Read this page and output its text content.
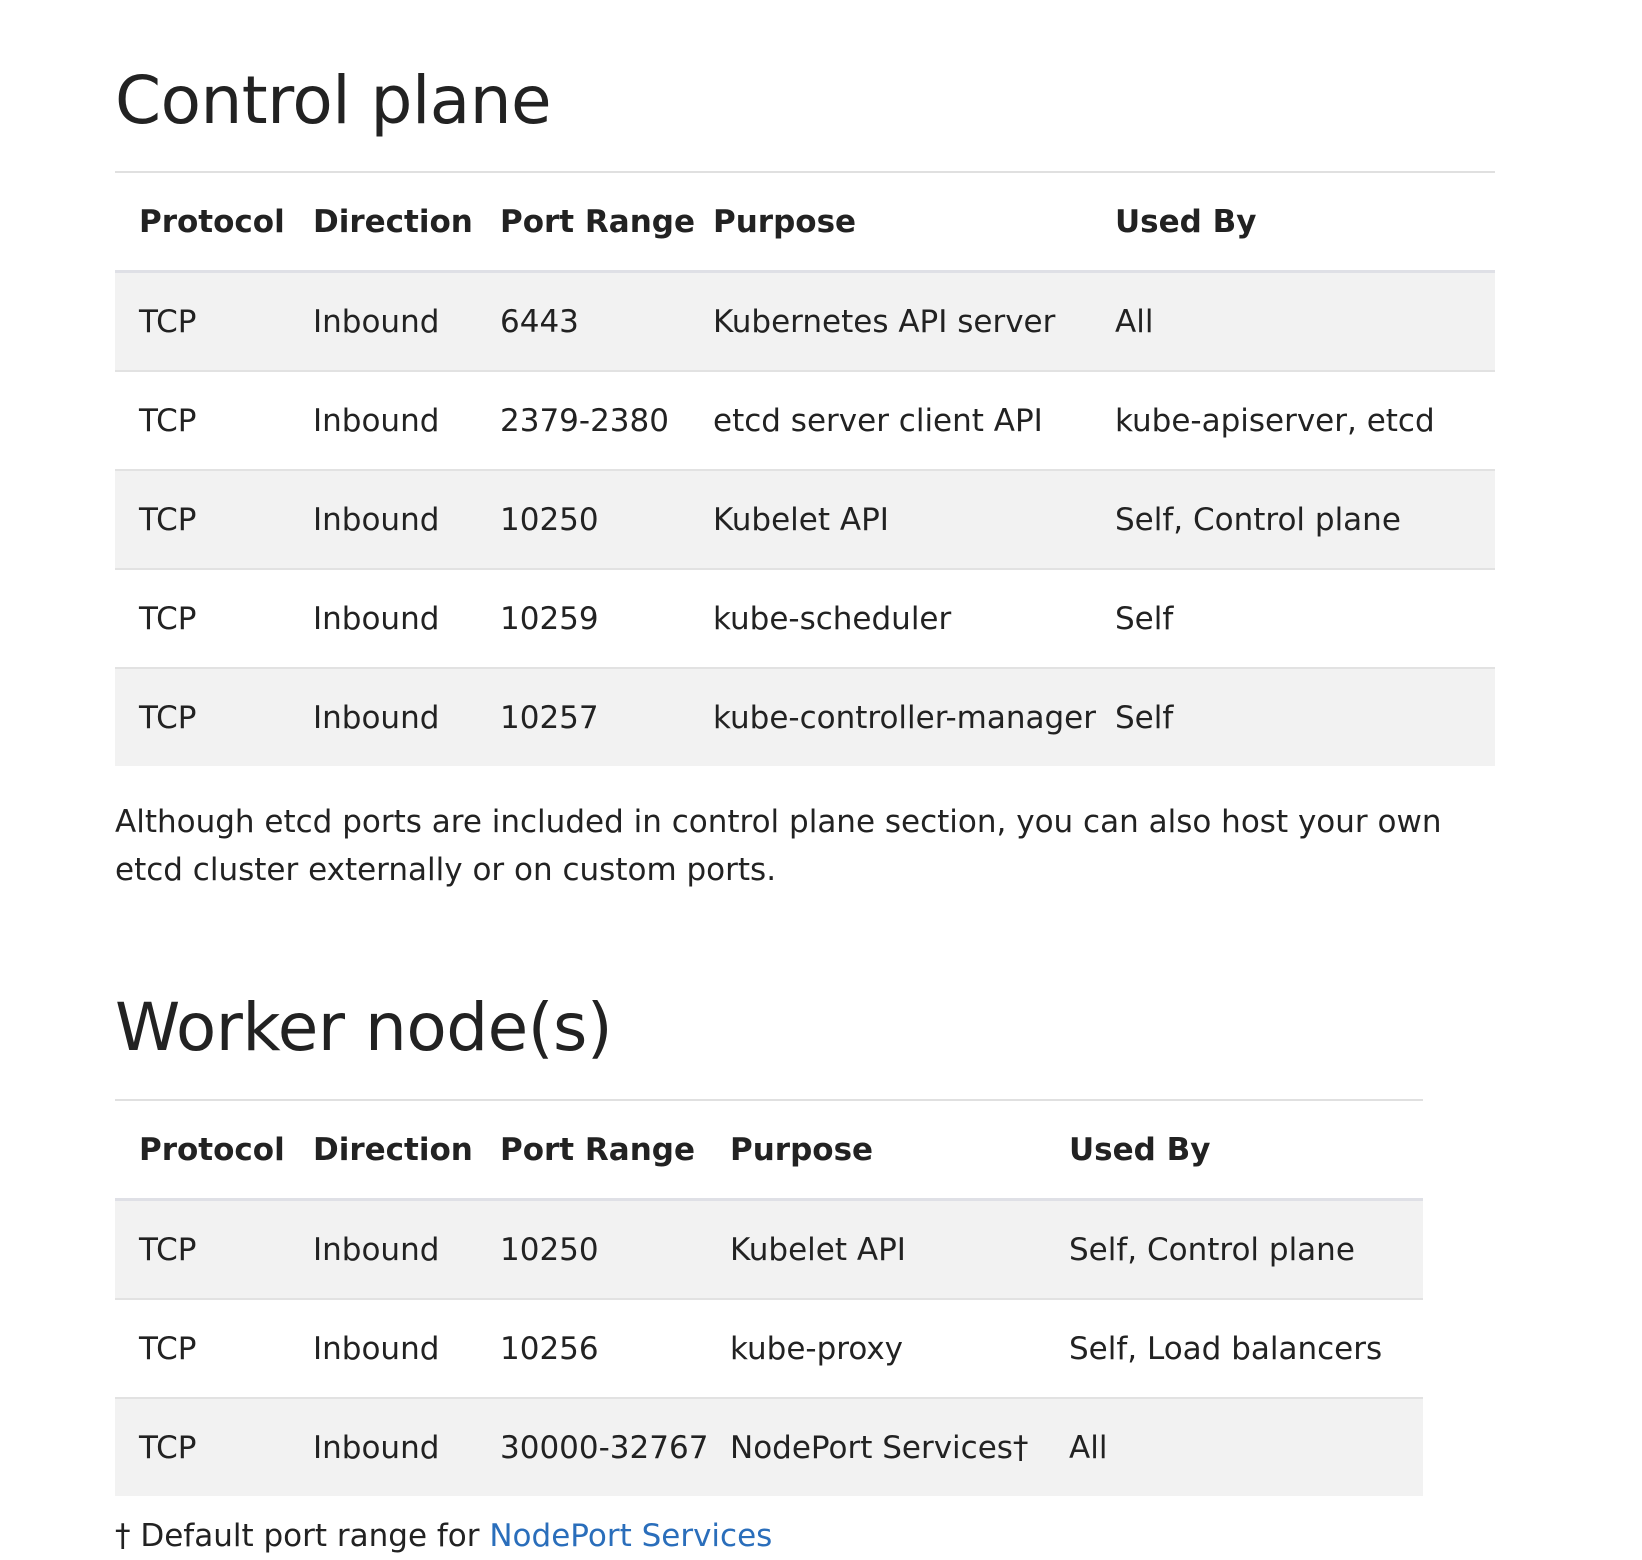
Control plane
Protocol	Direction	Port Range	Purpose	Used By
TCP	Inbound	6443	Kubernetes API server	All
TCP	Inbound	2379-2380	etcd server client API	kube-apiserver, etcd
TCP	Inbound	10250	Kubelet API	Self, Control plane
TCP	Inbound	10259	kube-scheduler	Self
TCP	Inbound	10257	kube-controller-manager	Self

Although etcd ports are included in control plane section, you can also host your own etcd cluster externally or on custom ports.

Worker node(s)
Protocol	Direction	Port Range	Purpose	Used By
TCP	Inbound	10250	Kubelet API	Self, Control plane
TCP	Inbound	10256	kube-proxy	Self, Load balancers
TCP	Inbound	30000-32767	NodePort Services†	All

† Default port range for NodePort Services
